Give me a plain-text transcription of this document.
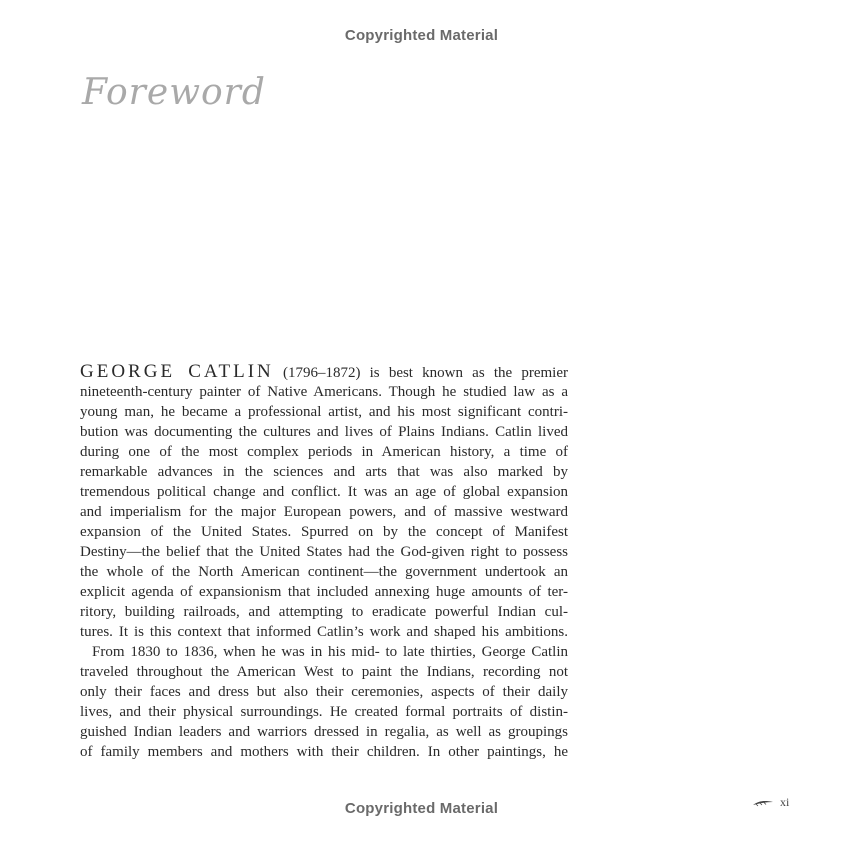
Copyrighted Material
Foreword
GEORGE CATLIN (1796–1872) is best known as the premier
nineteenth-century painter of Native Americans. Though he studied law as a
young man, he became a professional artist, and his most significant contri-
bution was documenting the cultures and lives of Plains Indians. Catlin lived
during one of the most complex periods in American history, a time of
remarkable advances in the sciences and arts that was also marked by
tremendous political change and conflict. It was an age of global expansion
and imperialism for the major European powers, and of massive westward
expansion of the United States. Spurred on by the concept of Manifest
Destiny—the belief that the United States had the God-given right to possess
the whole of the North American continent—the government undertook an
explicit agenda of expansionism that included annexing huge amounts of ter-
ritory, building railroads, and attempting to eradicate powerful Indian cul-
tures. It is this context that informed Catlin’s work and shaped his ambitions.
From 1830 to 1836, when he was in his mid- to late thirties, George Catlin
traveled throughout the American West to paint the Indians, recording not
only their faces and dress but also their ceremonies, aspects of their daily
lives, and their physical surroundings. He created formal portraits of distin-
guished Indian leaders and warriors dressed in regalia, as well as groupings
of family members and mothers with their children. In other paintings, he
xi
Copyrighted Material
